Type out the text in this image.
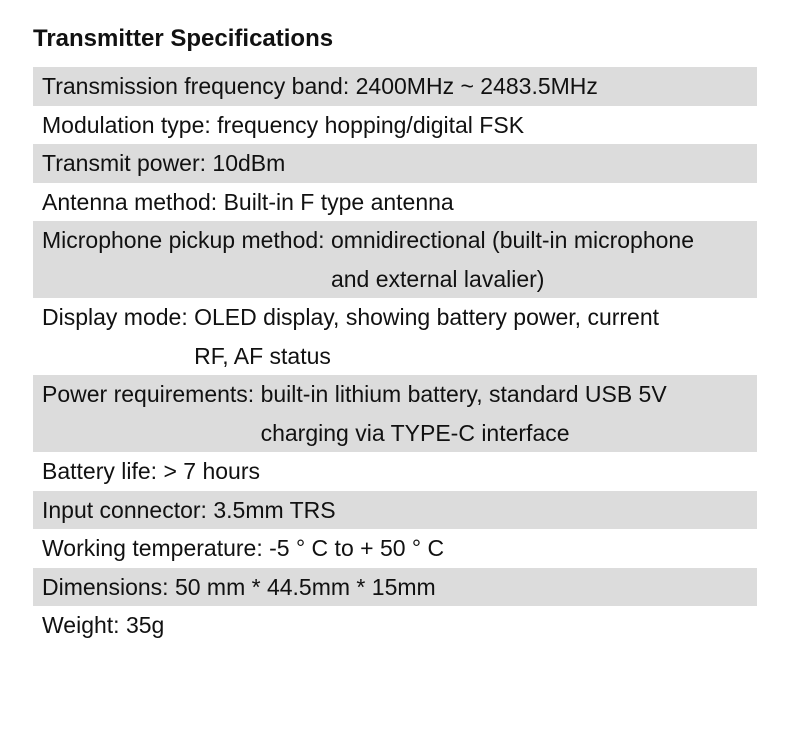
Transmitter Specifications
Transmission frequency band: 2400MHz ~ 2483.5MHz
Modulation type: frequency hopping/digital FSK
Transmit power: 10dBm
Antenna method: Built-in F type antenna
Microphone pickup method: omnidirectional (built-in microphone
and external lavalier)
Display mode: OLED display, showing battery power, current
RF, AF status
Power requirements: built-in lithium battery, standard USB 5V
charging via TYPE-C interface
Battery life: > 7 hours
Input connector: 3.5mm TRS
Working temperature: -5 ° C to + 50 ° C
Dimensions: 50 mm * 44.5mm * 15mm
Weight: 35g
